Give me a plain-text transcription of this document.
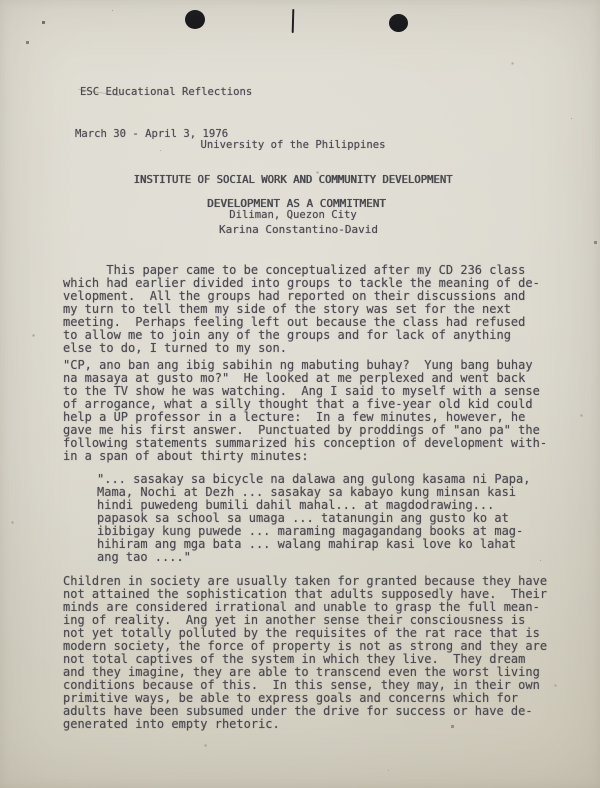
ESC Educational Reflections

March 30 - April 3, 1976

University of the Philippines

INSTITUTE OF SOCIAL WORK AND COMMUNITY DEVELOPMENT

Diliman, Quezon City

DEVELOPMENT AS A COMMITMENT
Karina Constantino-David
This paper came to be conceptualized after my CD 236 class
which had earlier divided into groups to tackle the meaning of de-
velopment.  All the groups had reported on their discussions and
my turn to tell them my side of the story was set for the next
meeting.  Perhaps feeling left out because the class had refused
to allow me to join any of the groups and for lack of anything
else to do, I turned to my son.
"CP, ano ban ang ibig sabihin ng mabuting buhay?  Yung bang buhay
na masaya at gusto mo?"  He looked at me perplexed and went back
to the TV show he was watching.  Ang I said to myself with a sense
of arrogance, what a silly thought that a five-year old kid could
help a UP professor in a lecture:  In a few minutes, however, he
gave me his first answer.  Punctuated by proddings of "ano pa" the
following statements summarized his conception of development with-
in a span of about thirty minutes:
"... sasakay sa bicycle na dalawa ang gulong kasama ni Papa,
Mama, Nochi at Dezh ... sasakay sa kabayo kung minsan kasi
hindi puwedeng bumili dahil mahal... at magdodrawing...
papasok sa school sa umaga ... tatanungin ang gusto ko at
ibibigay kung puwede ... maraming magagandang books at mag-
hihiram ang mga bata ... walang mahirap kasi love ko lahat
ang tao ...."
Children in society are usually taken for granted because they have
not attained the sophistication that adults supposedly have.  Their
minds are considered irrational and unable to grasp the full mean-
ing of reality.  Ang yet in another sense their consciousness is
not yet totally polluted by the requisites of the rat race that is
modern society, the force of property is not as strong and they are
not total captives of the system in which they live.  They dream
and they imagine, they are able to transcend even the worst living
conditions because of this.  In this sense, they may, in their own
primitive ways, be able to express goals and concerns which for
adults have been subsumed under the drive for success or have de-
generated into empty rhetoric.
